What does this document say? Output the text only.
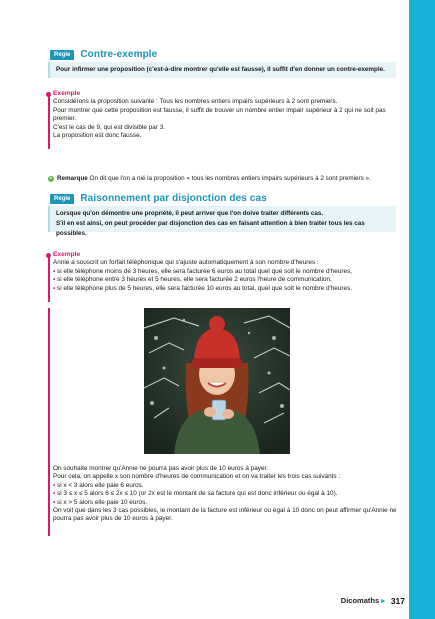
Règle	Contre-exemple
Pour infirmer une proposition (c'est-à-dire montrer qu'elle est fausse), il suffit d'en donner un contre-exemple.
Exemple
Considérons la proposition suivante : Tous les nombres entiers impairs supérieurs à 2 sont premiers.
Pour montrer que cette proposition est fausse, il suffit de trouver un nombre entier impair supérieur à 2 qui ne soit pas premier.
C'est le cas de 9, qui est divisible par 3.
La proposition est donc fausse.
Remarque On dit que l'on a nié la proposition « tous les nombres entiers impairs supérieurs à 2 sont premiers ».
Règle	Raisonnement par disjonction des cas
Lorsque qu'on démontre une propriété, il peut arriver que l'on doive traiter différents cas.
S'il en est ainsi, on peut procéder par disjonction des cas en faisant attention à bien traiter tous les cas possibles.
Exemple
Annie a souscrit un forfait téléphonique qui s'ajuste automatiquement à son nombre d'heures :
• si elle téléphone moins de 3 heures, elle sera facturée 6 euros au total quel que soit le nombre d'heures,
• si elle téléphone entre 3 heures et 5 heures, elle sera facturée 2 euros l'heure de communication,
• si elle téléphone plus de 5 heures, elle sera facturée 10 euros au total, quel que soit le nombre d'heures.
On souhaite montrer qu'Annie ne pourra pas avoir plus de 10 euros à payer.
Pour cela, on appelle x son nombre d'heures de communication et on va traiter les trois cas suivants :
• si x < 3 alors elle paie 6 euros.
• si 3 ≤ x ≤ 5 alors 6 ≤ 2x ≤ 10 (or 2x est le montant de sa facture qui est donc inférieur ou égal à 10).
• si x > 5 alors elle paie 10 euros.
On voit que dans les 3 cas possibles, le montant de la facture est inférieur ou égal à 10 donc on peut affirmer qu'Annie ne pourra pas avoir plus de 10 euros à payer.
Dicomaths ▸ 317
